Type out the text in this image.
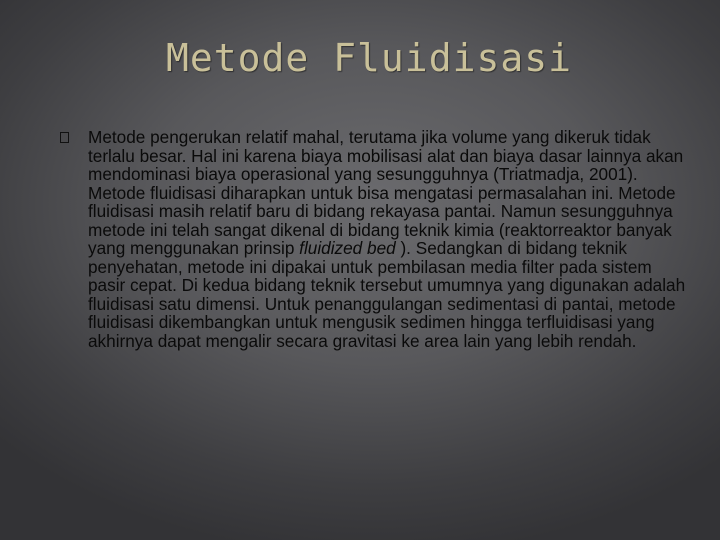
Metode Fluidisasi

Metode pengerukan relatif mahal, terutama jika volume yang dikeruk tidak terlalu besar. Hal ini karena biaya mobilisasi alat dan biaya dasar lainnya akan mendominasi biaya operasional yang sesungguhnya (Triatmadja, 2001). Metode fluidisasi diharapkan untuk bisa mengatasi permasalahan ini. Metode fluidisasi masih relatif baru di bidang rekayasa pantai. Namun sesungguhnya metode ini telah sangat dikenal di bidang teknik kimia (reaktorreaktor banyak yang menggunakan prinsip fluidized bed ). Sedangkan di bidang teknik penyehatan, metode ini dipakai untuk pembilasan media filter pada sistem pasir cepat. Di kedua bidang teknik tersebut umumnya yang digunakan adalah fluidisasi satu dimensi. Untuk penanggulangan sedimentasi di pantai, metode fluidisasi dikembangkan untuk mengusik sedimen hingga terfluidisasi yang akhirnya dapat mengalir secara gravitasi ke area lain yang lebih rendah.
